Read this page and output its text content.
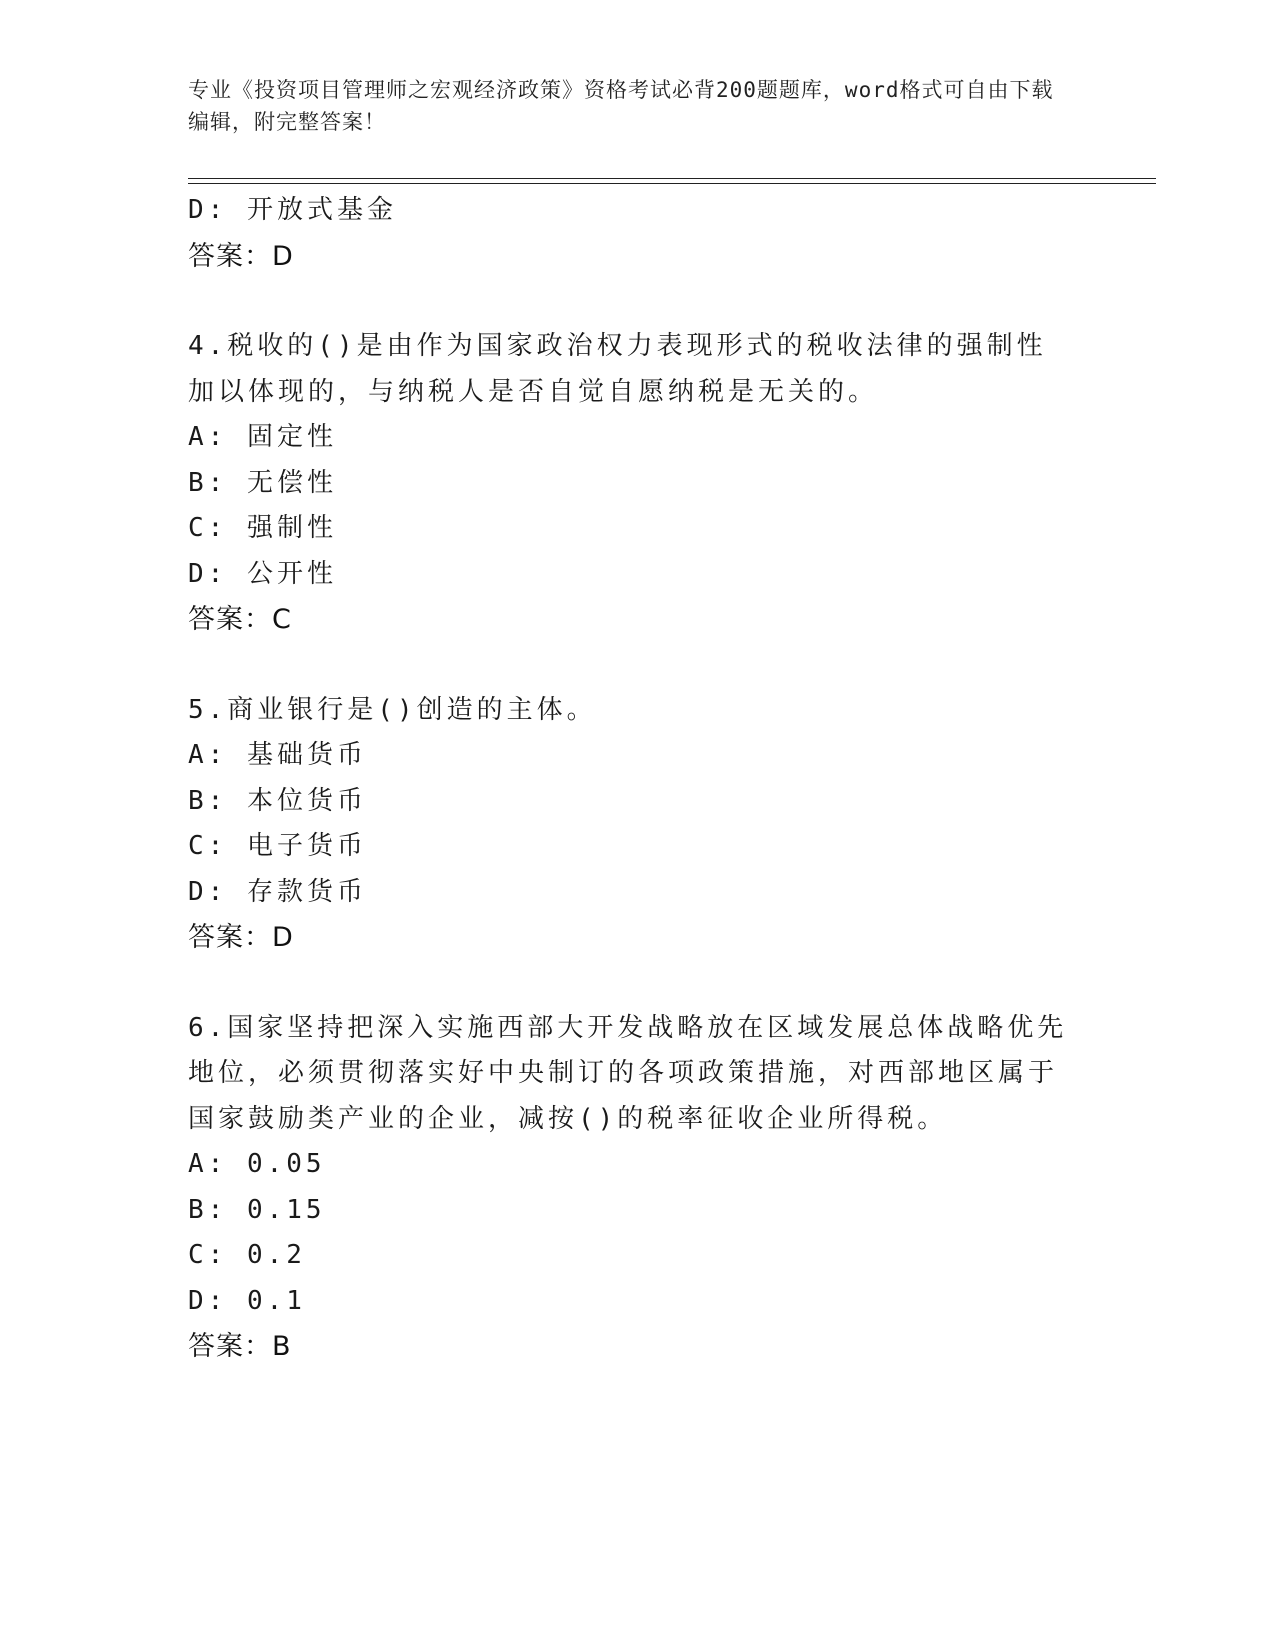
专业《投资项目管理师之宏观经济政策》资格考试必背200题题库，word格式可自由下载编辑，附完整答案！
D: 开放式基金
答案：D
4.税收的()是由作为国家政治权力表现形式的税收法律的强制性加以体现的，与纳税人是否自觉自愿纳税是无关的。
A: 固定性
B: 无偿性
C: 强制性
D: 公开性
答案：C
5.商业银行是()创造的主体。
A: 基础货币
B: 本位货币
C: 电子货币
D: 存款货币
答案：D
6.国家坚持把深入实施西部大开发战略放在区域发展总体战略优先地位，必须贯彻落实好中央制订的各项政策措施，对西部地区属于国家鼓励类产业的企业，减按()的税率征收企业所得税。
A: 0.05
B: 0.15
C: 0.2
D: 0.1
答案：B
